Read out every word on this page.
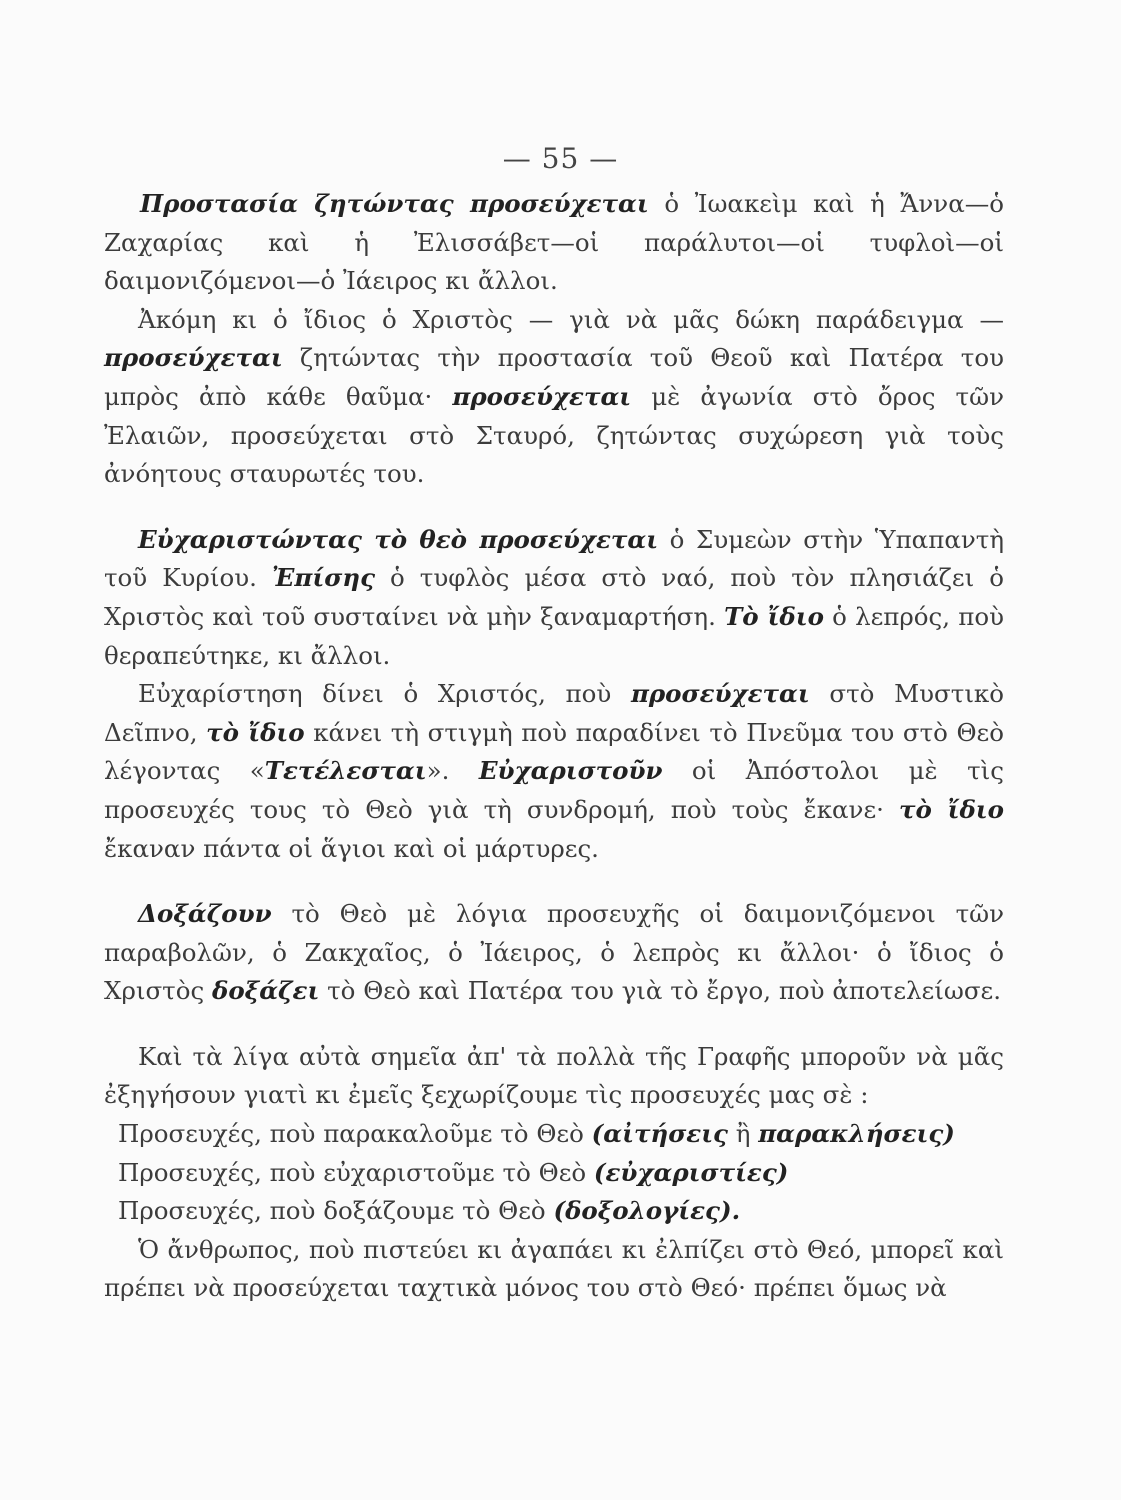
— 55 —

Προστασία ζητώντας προσεύχεται ὁ Ἰωακεὶμ καὶ ἡ Ἄννα—ὁ Ζαχαρίας καὶ ἡ Ἐλισσάβετ—οἱ παράλυτοι—οἱ τυφλοὶ—οἱ δαιμονιζόμενοι—ὁ Ἰάειρος κι ἄλλοι.

Ἀκόμη κι ὁ ἴδιος ὁ Χριστὸς — γιὰ νὰ μᾶς δώκη παράδειγμα — προσεύχεται ζητώντας τὴν προστασία τοῦ Θεοῦ καὶ Πατέρα του μπρὸς ἀπὸ κάθε θαῦμα· προσεύχεται μὲ ἀγωνία στὸ ὄρος τῶν Ἐλαιῶν, προσεύχεται στὸ Σταυρό, ζητώντας συχώρεση γιὰ τοὺς ἀνόητους σταυρωτές του.

Εὐχαριστώντας τὸ θεὸ προσεύχεται ὁ Συμεὼν στὴν Ὑπαπαντὴ τοῦ Κυρίου. Ἐπίσης ὁ τυφλὸς μέσα στὸ ναό, ποὺ τὸν πλησιάζει ὁ Χριστὸς καὶ τοῦ συσταίνει νὰ μὴν ξαναμαρτήση. Τὸ ἴδιο ὁ λεπρός, ποὺ θεραπεύτηκε, κι ἄλλοι.

Εὐχαρίστηση δίνει ὁ Χριστός, ποὺ προσεύχεται στὸ Μυστικὸ Δεῖπνο, τὸ ἴδιο κάνει τὴ στιγμὴ ποὺ παραδίνει τὸ Πνεῦμα του στὸ Θεὸ λέγοντας «Τετέλεσται». Εὐχαριστοῦν οἱ Ἀπόστολοι μὲ τὶς προσευχές τους τὸ Θεὸ γιὰ τὴ συνδρομή, ποὺ τοὺς ἔκανε· τὸ ἴδιο ἔκαναν πάντα οἱ ἅγιοι καὶ οἱ μάρτυρες.

Δοξάζουν τὸ Θεὸ μὲ λόγια προσευχῆς οἱ δαιμονιζόμενοι τῶν παραβολῶν, ὁ Ζακχαῖος, ὁ Ἰάειρος, ὁ λεπρὸς κι ἄλλοι· ὁ ἴδιος ὁ Χριστὸς δοξάζει τὸ Θεὸ καὶ Πατέρα του γιὰ τὸ ἔργο, ποὺ ἀποτελείωσε.

Καὶ τὰ λίγα αὐτὰ σημεῖα ἀπ' τὰ πολλὰ τῆς Γραφῆς μποροῦν νὰ μᾶς ἐξηγήσουν γιατὶ κι ἐμεῖς ξεχωρίζουμε τὶς προσευχές μας σὲ :

Προσευχές, ποὺ παρακαλοῦμε τὸ Θεὸ (αἰτήσεις ἢ παρακλήσεις)
Προσευχές, ποὺ εὐχαριστοῦμε τὸ Θεὸ (εὐχαριστίες)
Προσευχές, ποὺ δοξάζουμε τὸ Θεὸ (δοξολογίες).

Ὁ ἄνθρωπος, ποὺ πιστεύει κι ἀγαπάει κι ἐλπίζει στὸ Θεό, μπορεῖ καὶ πρέπει νὰ προσεύχεται ταχτικὰ μόνος του στὸ Θεό· πρέπει ὅμως νὰ
